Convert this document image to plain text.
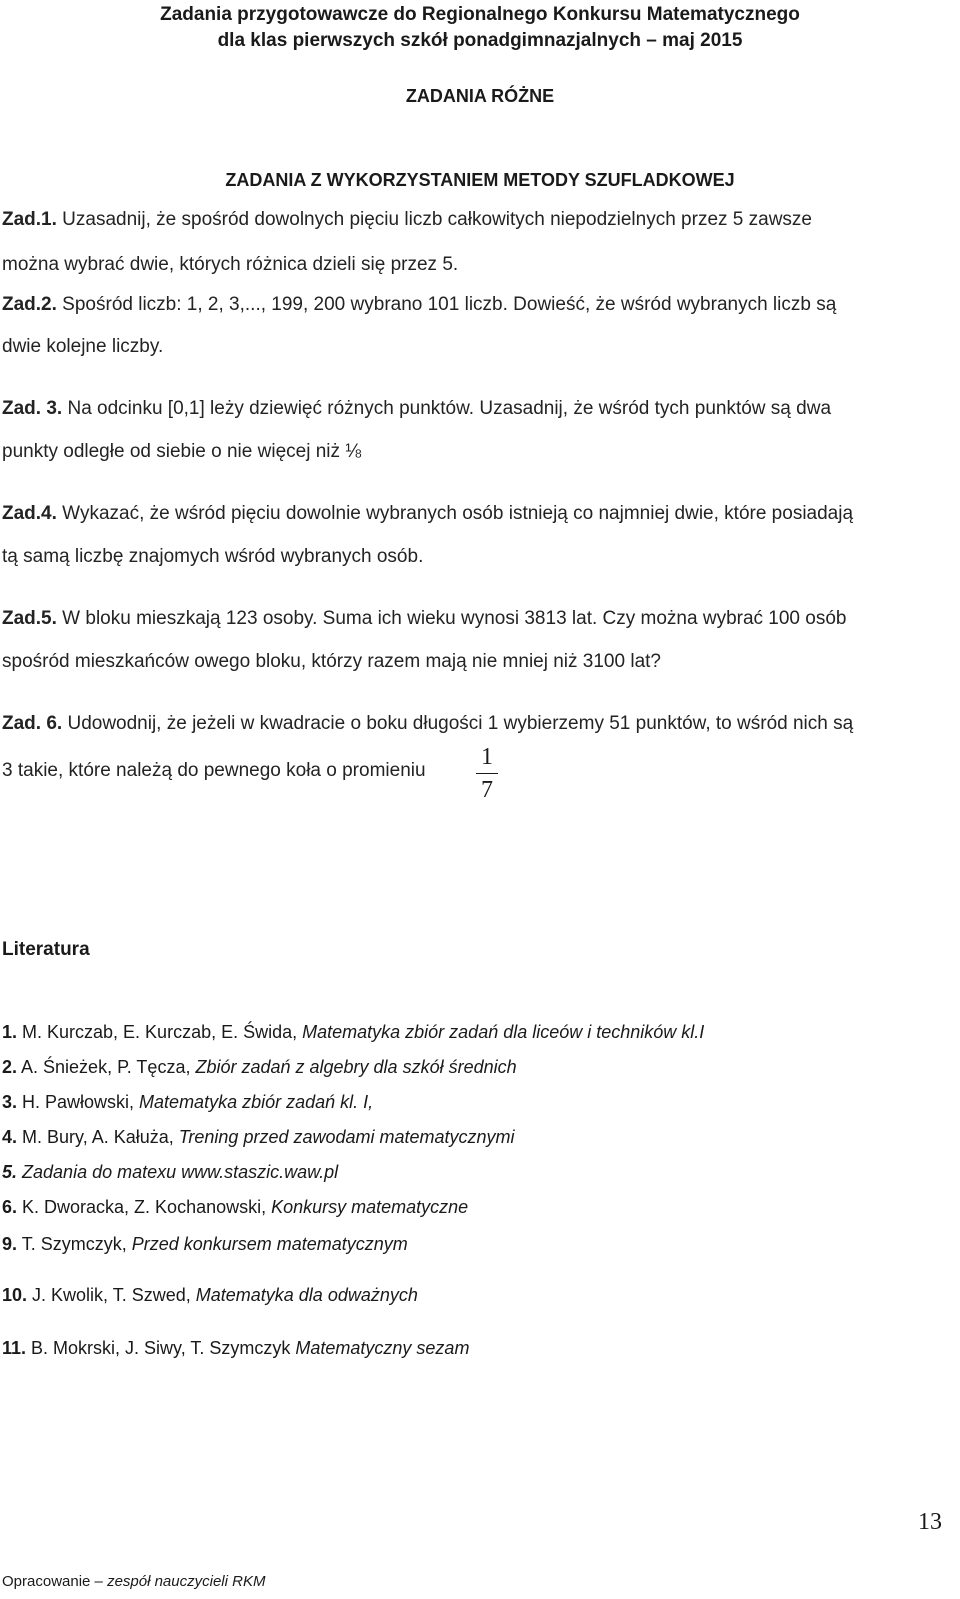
Zadania przygotowawcze do Regionalnego Konkursu Matematycznego
dla klas pierwszych szkół ponadgimnazjalnych – maj 2015
ZADANIA RÓŻNE
ZADANIA Z WYKORZYSTANIEM METODY SZUFLADKOWEJ
Zad.1. Uzasadnij, że spośród dowolnych pięciu liczb całkowitych niepodzielnych przez 5 zawsze
można wybrać dwie, których różnica dzieli się przez 5.
Zad.2. Spośród liczb: 1, 2, 3,..., 199, 200 wybrano 101 liczb. Dowieść, że wśród wybranych liczb są
dwie kolejne liczby.
Zad. 3. Na odcinku [0,1] leży dziewięć różnych punktów. Uzasadnij, że wśród tych punktów są dwa
punkty odległe od siebie o nie więcej niż ⅛
Zad.4. Wykazać, że wśród pięciu dowolnie wybranych osób istnieją co najmniej dwie, które posiadają
tą samą liczbę znajomych wśród wybranych osób.
Zad.5. W bloku mieszkają 123 osoby. Suma ich wieku wynosi 3813 lat. Czy można wybrać 100 osób
spośród mieszkańców owego bloku, którzy razem mają nie mniej niż 3100 lat?
Zad. 6. Udowodnij, że jeżeli w kwadracie o boku długości 1 wybierzemy 51 punktów, to wśród nich są
3 takie, które należą do pewnego koła o promieniu
1
7
Literatura
1. M. Kurczab, E. Kurczab, E. Świda, Matematyka zbiór zadań dla liceów i techników kl.I
2. A. Śnieżek, P. Tęcza, Zbiór zadań z algebry dla szkół średnich
3. H. Pawłowski, Matematyka zbiór zadań kl. I,
4. M. Bury, A. Kałuża, Trening przed zawodami matematycznymi
5. Zadania do matexu www.staszic.waw.pl
6. K. Dworacka, Z. Kochanowski, Konkursy matematyczne
9. T. Szymczyk, Przed konkursem matematycznym
10. J. Kwolik, T. Szwed, Matematyka dla odważnych
11. B. Mokrski, J. Siwy, T. Szymczyk Matematyczny sezam
13
Opracowanie – zespół nauczycieli RKM
